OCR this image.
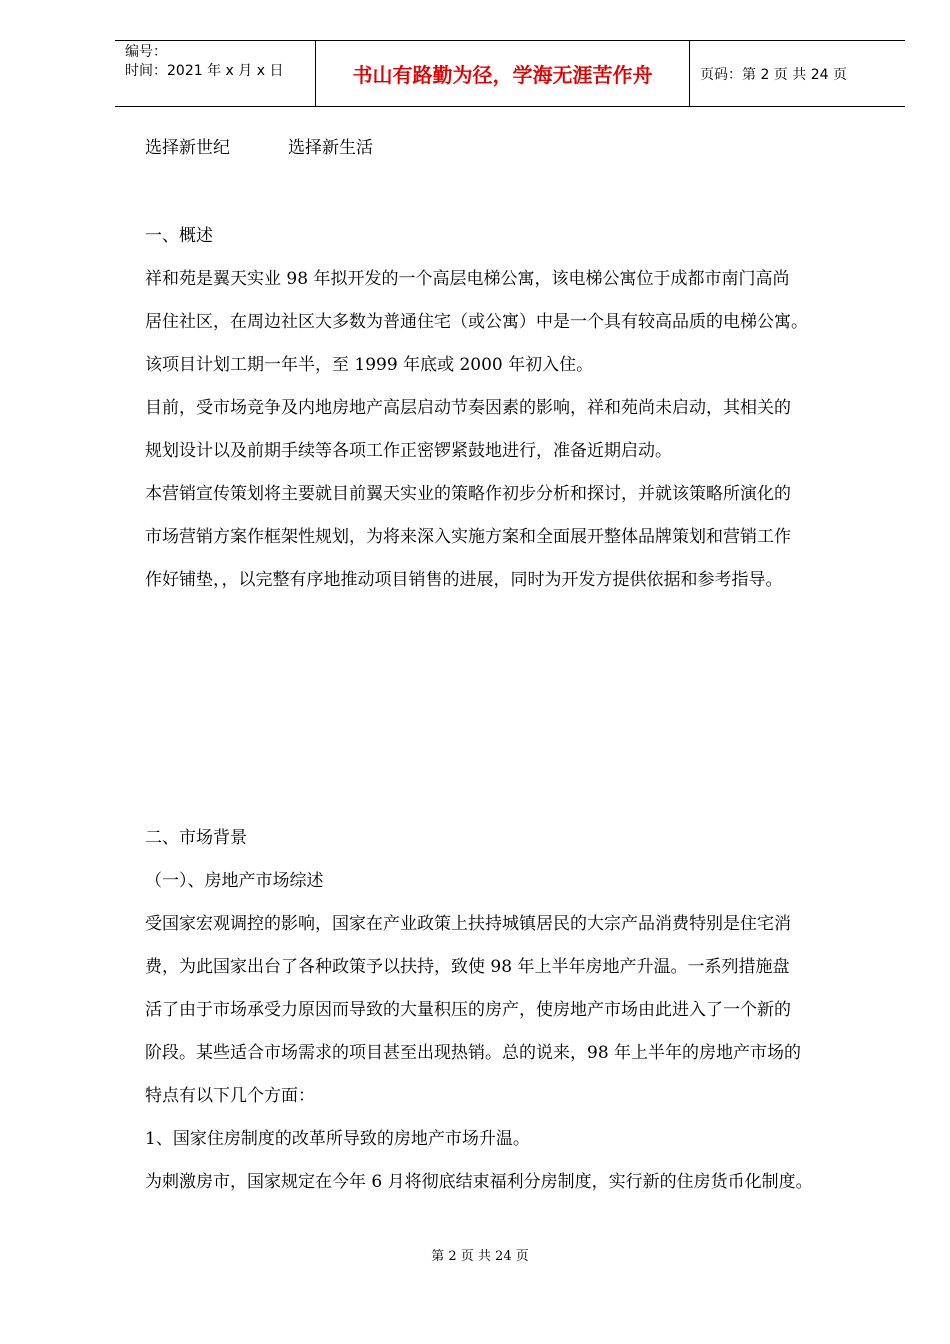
编号：
时间：2021 年 x 月 x 日	书山有路勤为径，学海无涯苦作舟	页码：第 2 页 共 24 页
选择新世纪	选择新生活
一、概述
祥和苑是翼天实业 98 年拟开发的一个高层电梯公寓，该电梯公寓位于成都市南门高尚
居住社区，在周边社区大多数为普通住宅（或公寓）中是一个具有较高品质的电梯公寓。
该项目计划工期一年半，至 1999 年底或 2000 年初入住。
目前，受市场竞争及内地房地产高层启动节奏因素的影响，祥和苑尚未启动，其相关的
规划设计以及前期手续等各项工作正密锣紧鼓地进行，准备近期启动。
本营销宣传策划将主要就目前翼天实业的策略作初步分析和探讨，并就该策略所演化的
市场营销方案作框架性规划，为将来深入实施方案和全面展开整体品牌策划和营销工作
作好铺垫，，以完整有序地推动项目销售的进展，同时为开发方提供依据和参考指导。
二、市场背景
（一）、房地产市场综述
受国家宏观调控的影响，国家在产业政策上扶持城镇居民的大宗产品消费特别是住宅消
费，为此国家出台了各种政策予以扶持，致使 98 年上半年房地产升温。一系列措施盘
活了由于市场承受力原因而导致的大量积压的房产，使房地产市场由此进入了一个新的
阶段。某些适合市场需求的项目甚至出现热销。总的说来，98 年上半年的房地产市场的
特点有以下几个方面：
1、国家住房制度的改革所导致的房地产市场升温。
为刺激房市，国家规定在今年 6 月将彻底结束福利分房制度，实行新的住房货币化制度。
第 2 页 共 24 页
